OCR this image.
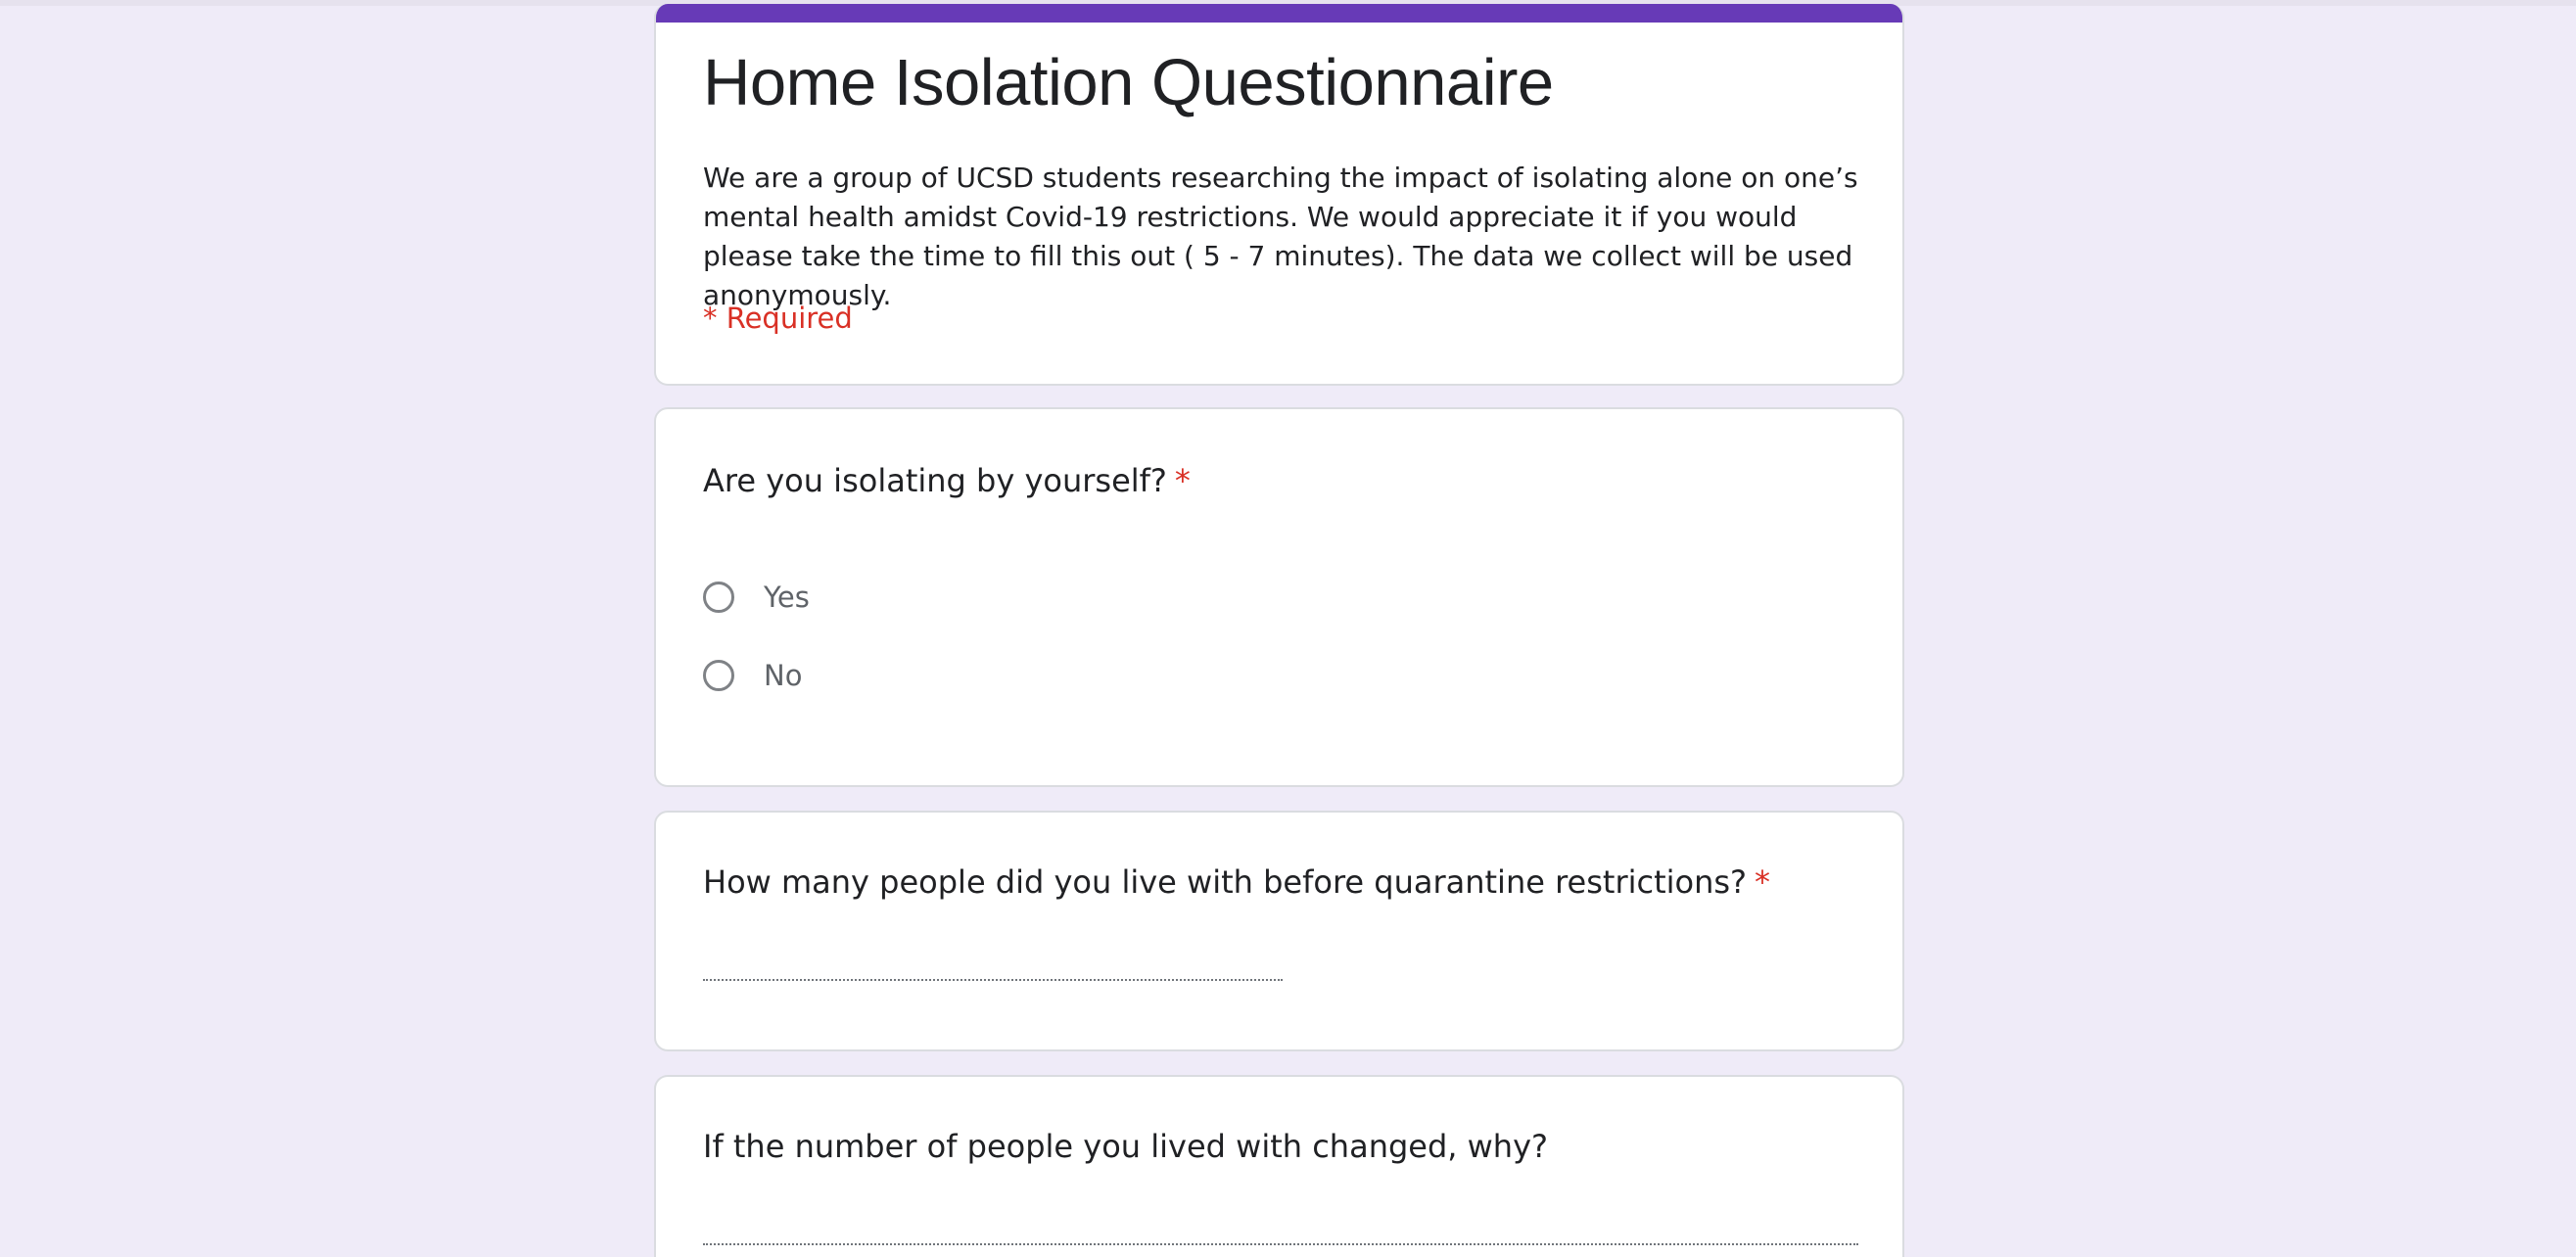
Home Isolation Questionnaire
We are a group of UCSD students researching the impact of isolating alone on one’s mental health amidst Covid-19 restrictions. We would appreciate it if you would please take the time to fill this out ( 5 - 7 minutes). The data we collect will be used anonymously.
* Required
Are you isolating by yourself? *
Yes
No
How many people did you live with before quarantine restrictions? *
If the number of people you lived with changed, why?
